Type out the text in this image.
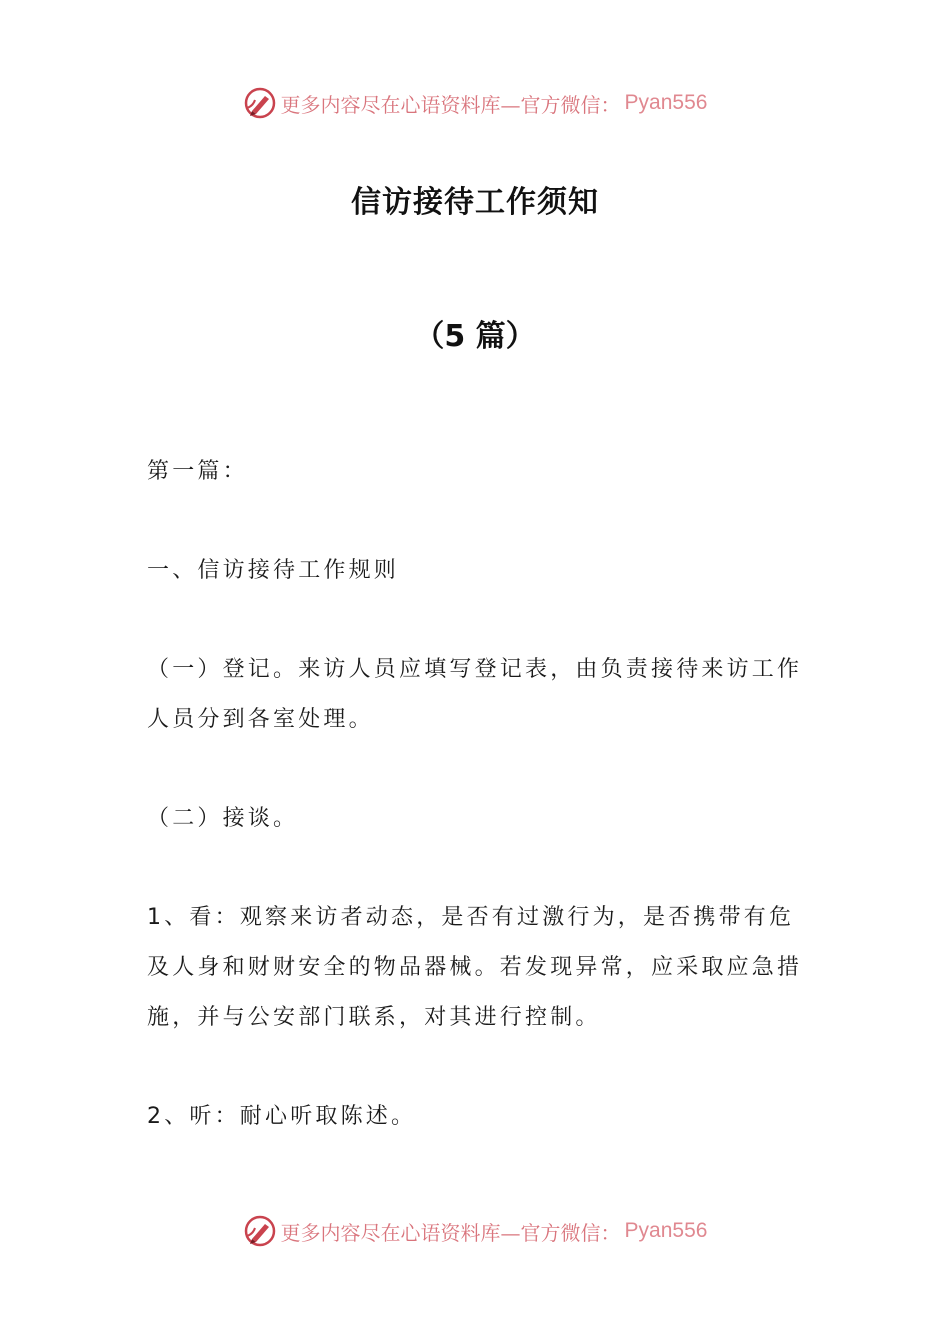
更多内容尽在心语资料库—官方微信： Pyan556
信访接待工作须知
（5 篇）

第一篇：

一、信访接待工作规则

（一）登记。来访人员应填写登记表，由负责接待来访工作人员分到各室处理。

（二）接谈。

1、看：观察来访者动态，是否有过激行为，是否携带有危及人身和财财安全的物品器械。若发现异常，应采取应急措施，并与公安部门联系，对其进行控制。

2、听：耐心听取陈述。

更多内容尽在心语资料库—官方微信： Pyan556
